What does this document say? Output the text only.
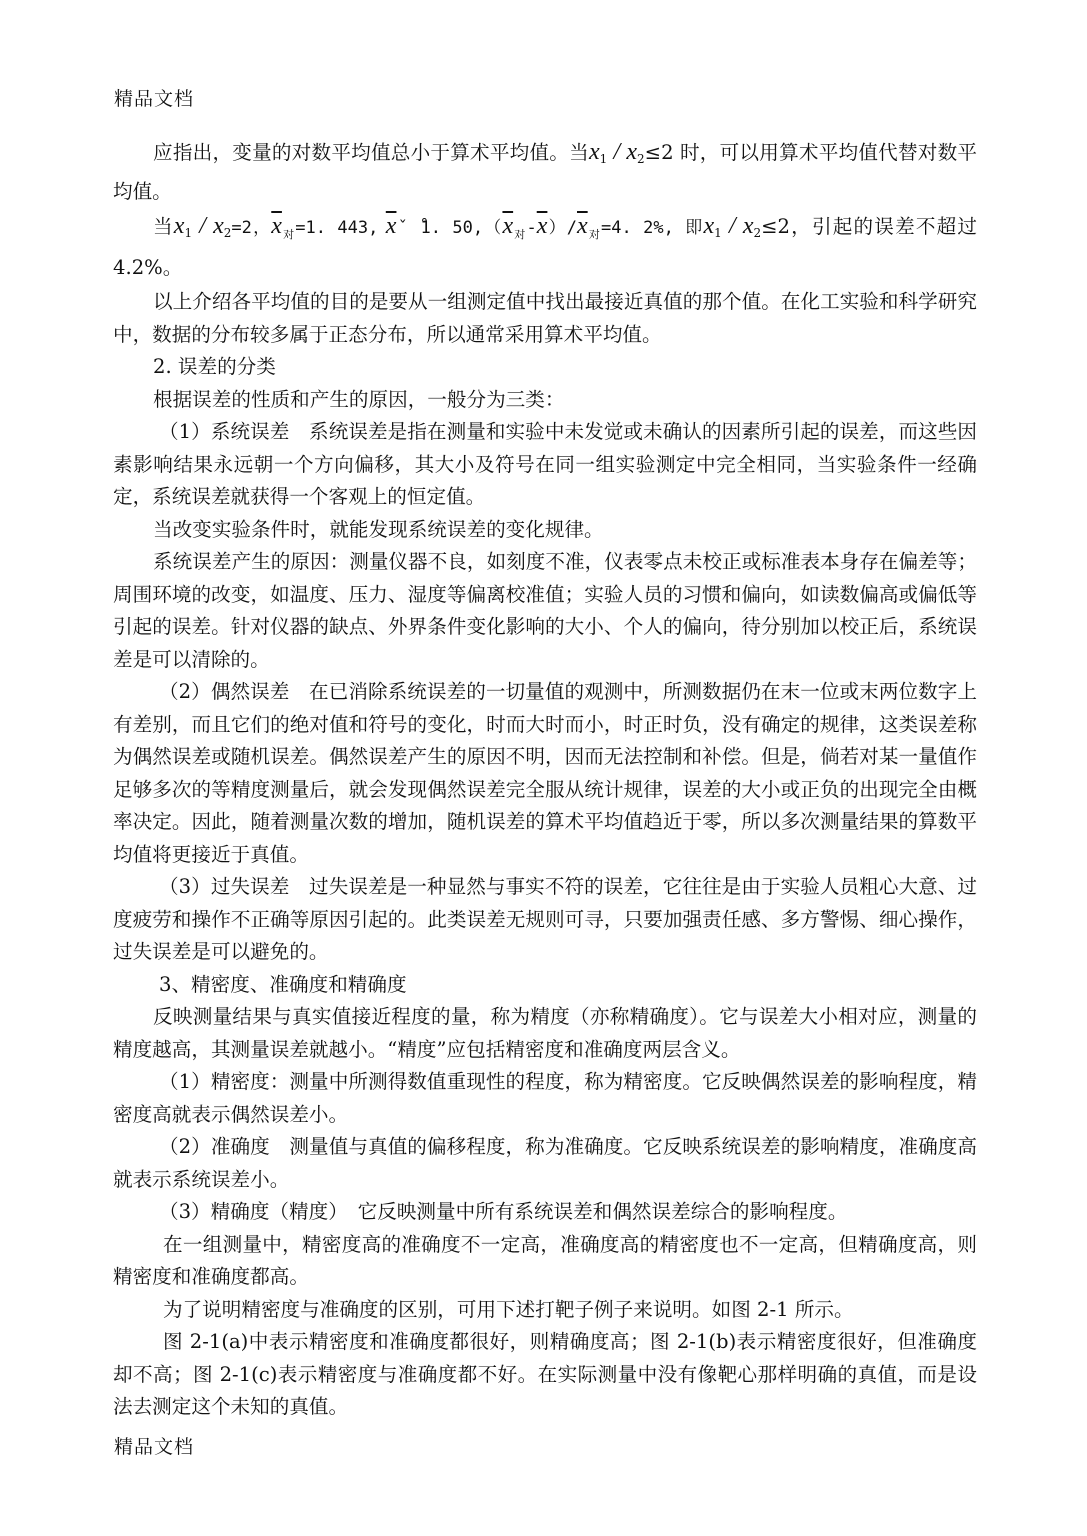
精品文档

应指出，变量的对数平均值总小于算术平均值。当$x_1 / x_2\le 2$ 时，可以用算术平均值代替对数平均值。

当$x_1 / x_2=2$，$\overline{x}_对=1$. 443, $\overline{x}ˇ$ ̊1. $50,(\overline{x}_对-\overline{x})/\overline{x}_对=4$. 2%, 即$x_1 / x_2\le 2$，引起的误差不超过 4.2%。

以上介绍各平均值的目的是要从一组测定值中找出最接近真值的那个值。在化工实验和科学研究中，数据的分布较多属于正态分布，所以通常采用算术平均值。

2. 误差的分类

根据误差的性质和产生的原因，一般分为三类：

（1）系统误差　系统误差是指在测量和实验中未发觉或未确认的因素所引起的误差，而这些因素影响结果永远朝一个方向偏移，其大小及符号在同一组实验测定中完全相同，当实验条件一经确定，系统误差就获得一个客观上的恒定值。

当改变实验条件时，就能发现系统误差的变化规律。

系统误差产生的原因：测量仪器不良，如刻度不准，仪表零点未校正或标准表本身存在偏差等；周围环境的改变，如温度、压力、湿度等偏离校准值；实验人员的习惯和偏向，如读数偏高或偏低等引起的误差。针对仪器的缺点、外界条件变化影响的大小、个人的偏向，待分别加以校正后，系统误差是可以清除的。

（2）偶然误差　在已消除系统误差的一切量值的观测中，所测数据仍在末一位或末两位数字上有差别，而且它们的绝对值和符号的变化，时而大时而小，时正时负，没有确定的规律，这类误差称为偶然误差或随机误差。偶然误差产生的原因不明，因而无法控制和补偿。但是，倘若对某一量值作足够多次的等精度测量后，就会发现偶然误差完全服从统计规律，误差的大小或正负的出现完全由概率决定。因此，随着测量次数的增加，随机误差的算术平均值趋近于零，所以多次测量结果的算数平均值将更接近于真值。

（3）过失误差　过失误差是一种显然与事实不符的误差，它往往是由于实验人员粗心大意、过度疲劳和操作不正确等原因引起的。此类误差无规则可寻，只要加强责任感、多方警惕、细心操作，过失误差是可以避免的。

3、精密度、准确度和精确度

反映测量结果与真实值接近程度的量，称为精度（亦称精确度）。它与误差大小相对应，测量的精度越高，其测量误差就越小。“精度”应包括精密度和准确度两层含义。

（1）精密度：测量中所测得数值重现性的程度，称为精密度。它反映偶然误差的影响程度，精密度高就表示偶然误差小。

（2）准确度　测量值与真值的偏移程度，称为准确度。它反映系统误差的影响精度，准确度高就表示系统误差小。

（3）精确度（精度）　它反映测量中所有系统误差和偶然误差综合的影响程度。

在一组测量中，精密度高的准确度不一定高，准确度高的精密度也不一定高，但精确度高，则精密度和准确度都高。

为了说明精密度与准确度的区别，可用下述打靶子例子来说明。如图 2-1 所示。

图 2-1(a)中表示精密度和准确度都很好，则精确度高；图 2-1(b)表示精密度很好，但准确度却不高；图 2-1(c)表示精密度与准确度都不好。在实际测量中没有像靶心那样明确的真值，而是设法去测定这个未知的真值。

精品文档
